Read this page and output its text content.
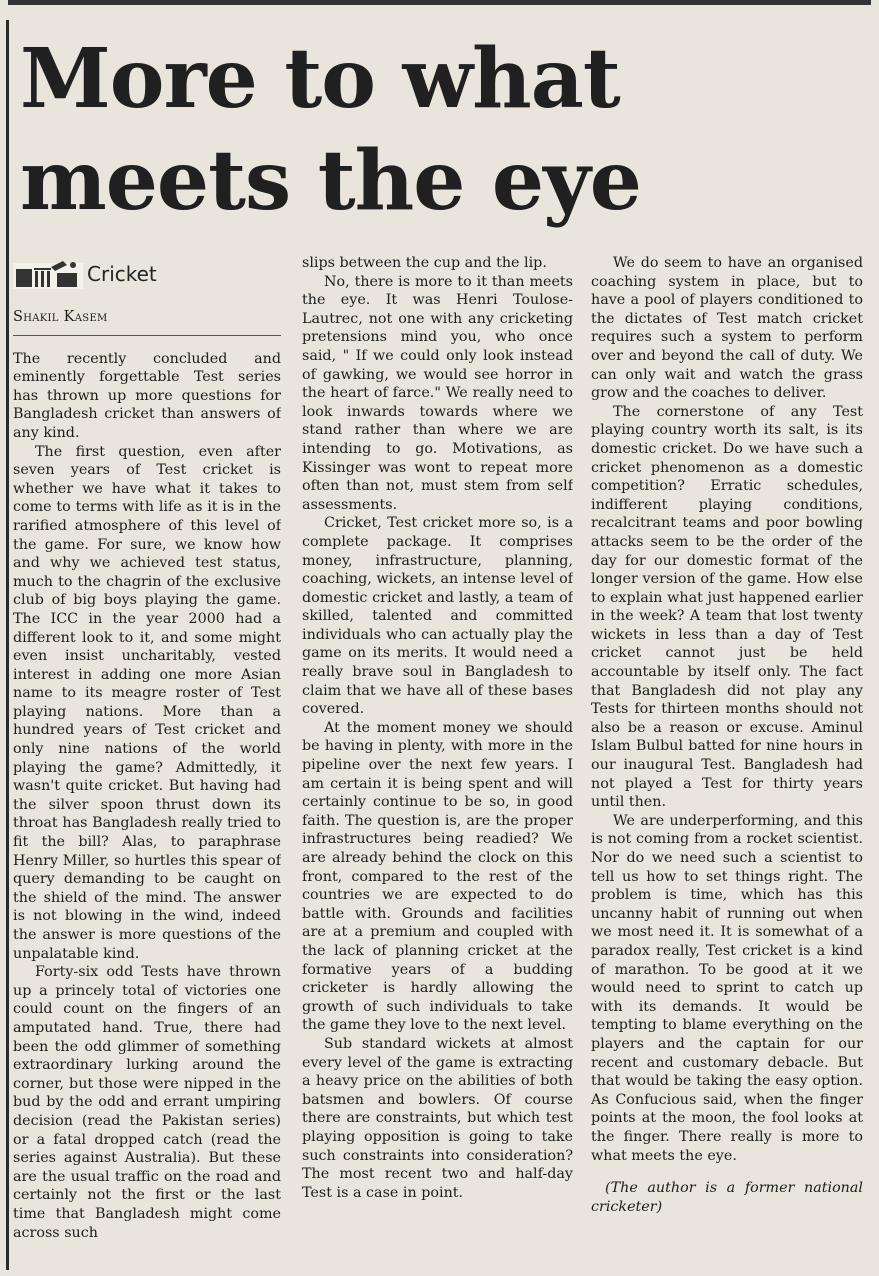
More to what meets the eye
Cricket
Shakil Kasem

The recently concluded and eminently forgettable Test series has thrown up more questions for Bangladesh cricket than answers of any kind.

The first question, even after seven years of Test cricket is whether we have what it takes to come to terms with life as it is in the rarified atmosphere of this level of the game. For sure, we know how and why we achieved test status, much to the chagrin of the exclusive club of big boys playing the game. The ICC in the year 2000 had a different look to it, and some might even insist uncharitably, vested interest in adding one more Asian name to its meagre roster of Test playing nations. More than a hundred years of Test cricket and only nine nations of the world playing the game? Admittedly, it wasn't quite cricket. But having had the silver spoon thrust down its throat has Bangladesh really tried to fit the bill? Alas, to paraphrase Henry Miller, so hurtles this spear of query demanding to be caught on the shield of the mind. The answer is not blowing in the wind, indeed the answer is more questions of the unpalatable kind.

Forty-six odd Tests have thrown up a princely total of victories one could count on the fingers of an amputated hand. True, there had been the odd glimmer of something extraordinary lurking around the corner, but those were nipped in the bud by the odd and errant umpiring decision (read the Pakistan series) or a fatal dropped catch (read the series against Australia). But these are the usual traffic on the road and certainly not the first or the last time that Bangladesh might come across such

slips between the cup and the lip.

No, there is more to it than meets the eye. It was Henri Toulose-Lautrec, not one with any cricketing pretensions mind you, who once said, " If we could only look instead of gawking, we would see horror in the heart of farce." We really need to look inwards towards where we stand rather than where we are intending to go. Motivations, as Kissinger was wont to repeat more often than not, must stem from self assessments.

Cricket, Test cricket more so, is a complete package. It comprises money, infrastructure, planning, coaching, wickets, an intense level of domestic cricket and lastly, a team of skilled, talented and committed individuals who can actually play the game on its merits. It would need a really brave soul in Bangladesh to claim that we have all of these bases covered.

At the moment money we should be having in plenty, with more in the pipeline over the next few years. I am certain it is being spent and will certainly continue to be so, in good faith. The question is, are the proper infrastructures being readied? We are already behind the clock on this front, compared to the rest of the countries we are expected to do battle with. Grounds and facilities are at a premium and coupled with the lack of planning cricket at the formative years of a budding cricketer is hardly allowing the growth of such individuals to take the game they love to the next level.

Sub standard wickets at almost every level of the game is extracting a heavy price on the abilities of both batsmen and bowlers. Of course there are constraints, but which test playing opposition is going to take such constraints into consideration? The most recent two and half-day Test is a case in point.

We do seem to have an organised coaching system in place, but to have a pool of players conditioned to the dictates of Test match cricket requires such a system to perform over and beyond the call of duty. We can only wait and watch the grass grow and the coaches to deliver.

The cornerstone of any Test playing country worth its salt, is its domestic cricket. Do we have such a cricket phenomenon as a domestic competition? Erratic schedules, indifferent playing conditions, recalcitrant teams and poor bowling attacks seem to be the order of the day for our domestic format of the longer version of the game. How else to explain what just happened earlier in the week? A team that lost twenty wickets in less than a day of Test cricket cannot just be held accountable by itself only. The fact that Bangladesh did not play any Tests for thirteen months should not also be a reason or excuse. Aminul Islam Bulbul batted for nine hours in our inaugural Test. Bangladesh had not played a Test for thirty years until then.

We are underperforming, and this is not coming from a rocket scientist. Nor do we need such a scientist to tell us how to set things right. The problem is time, which has this uncanny habit of running out when we most need it. It is somewhat of a paradox really, Test cricket is a kind of marathon. To be good at it we would need to sprint to catch up with its demands. It would be tempting to blame everything on the players and the captain for our recent and customary debacle. But that would be taking the easy option. As Confucious said, when the finger points at the moon, the fool looks at the finger. There really is more to what meets the eye.

(The author is a former national cricketer)
